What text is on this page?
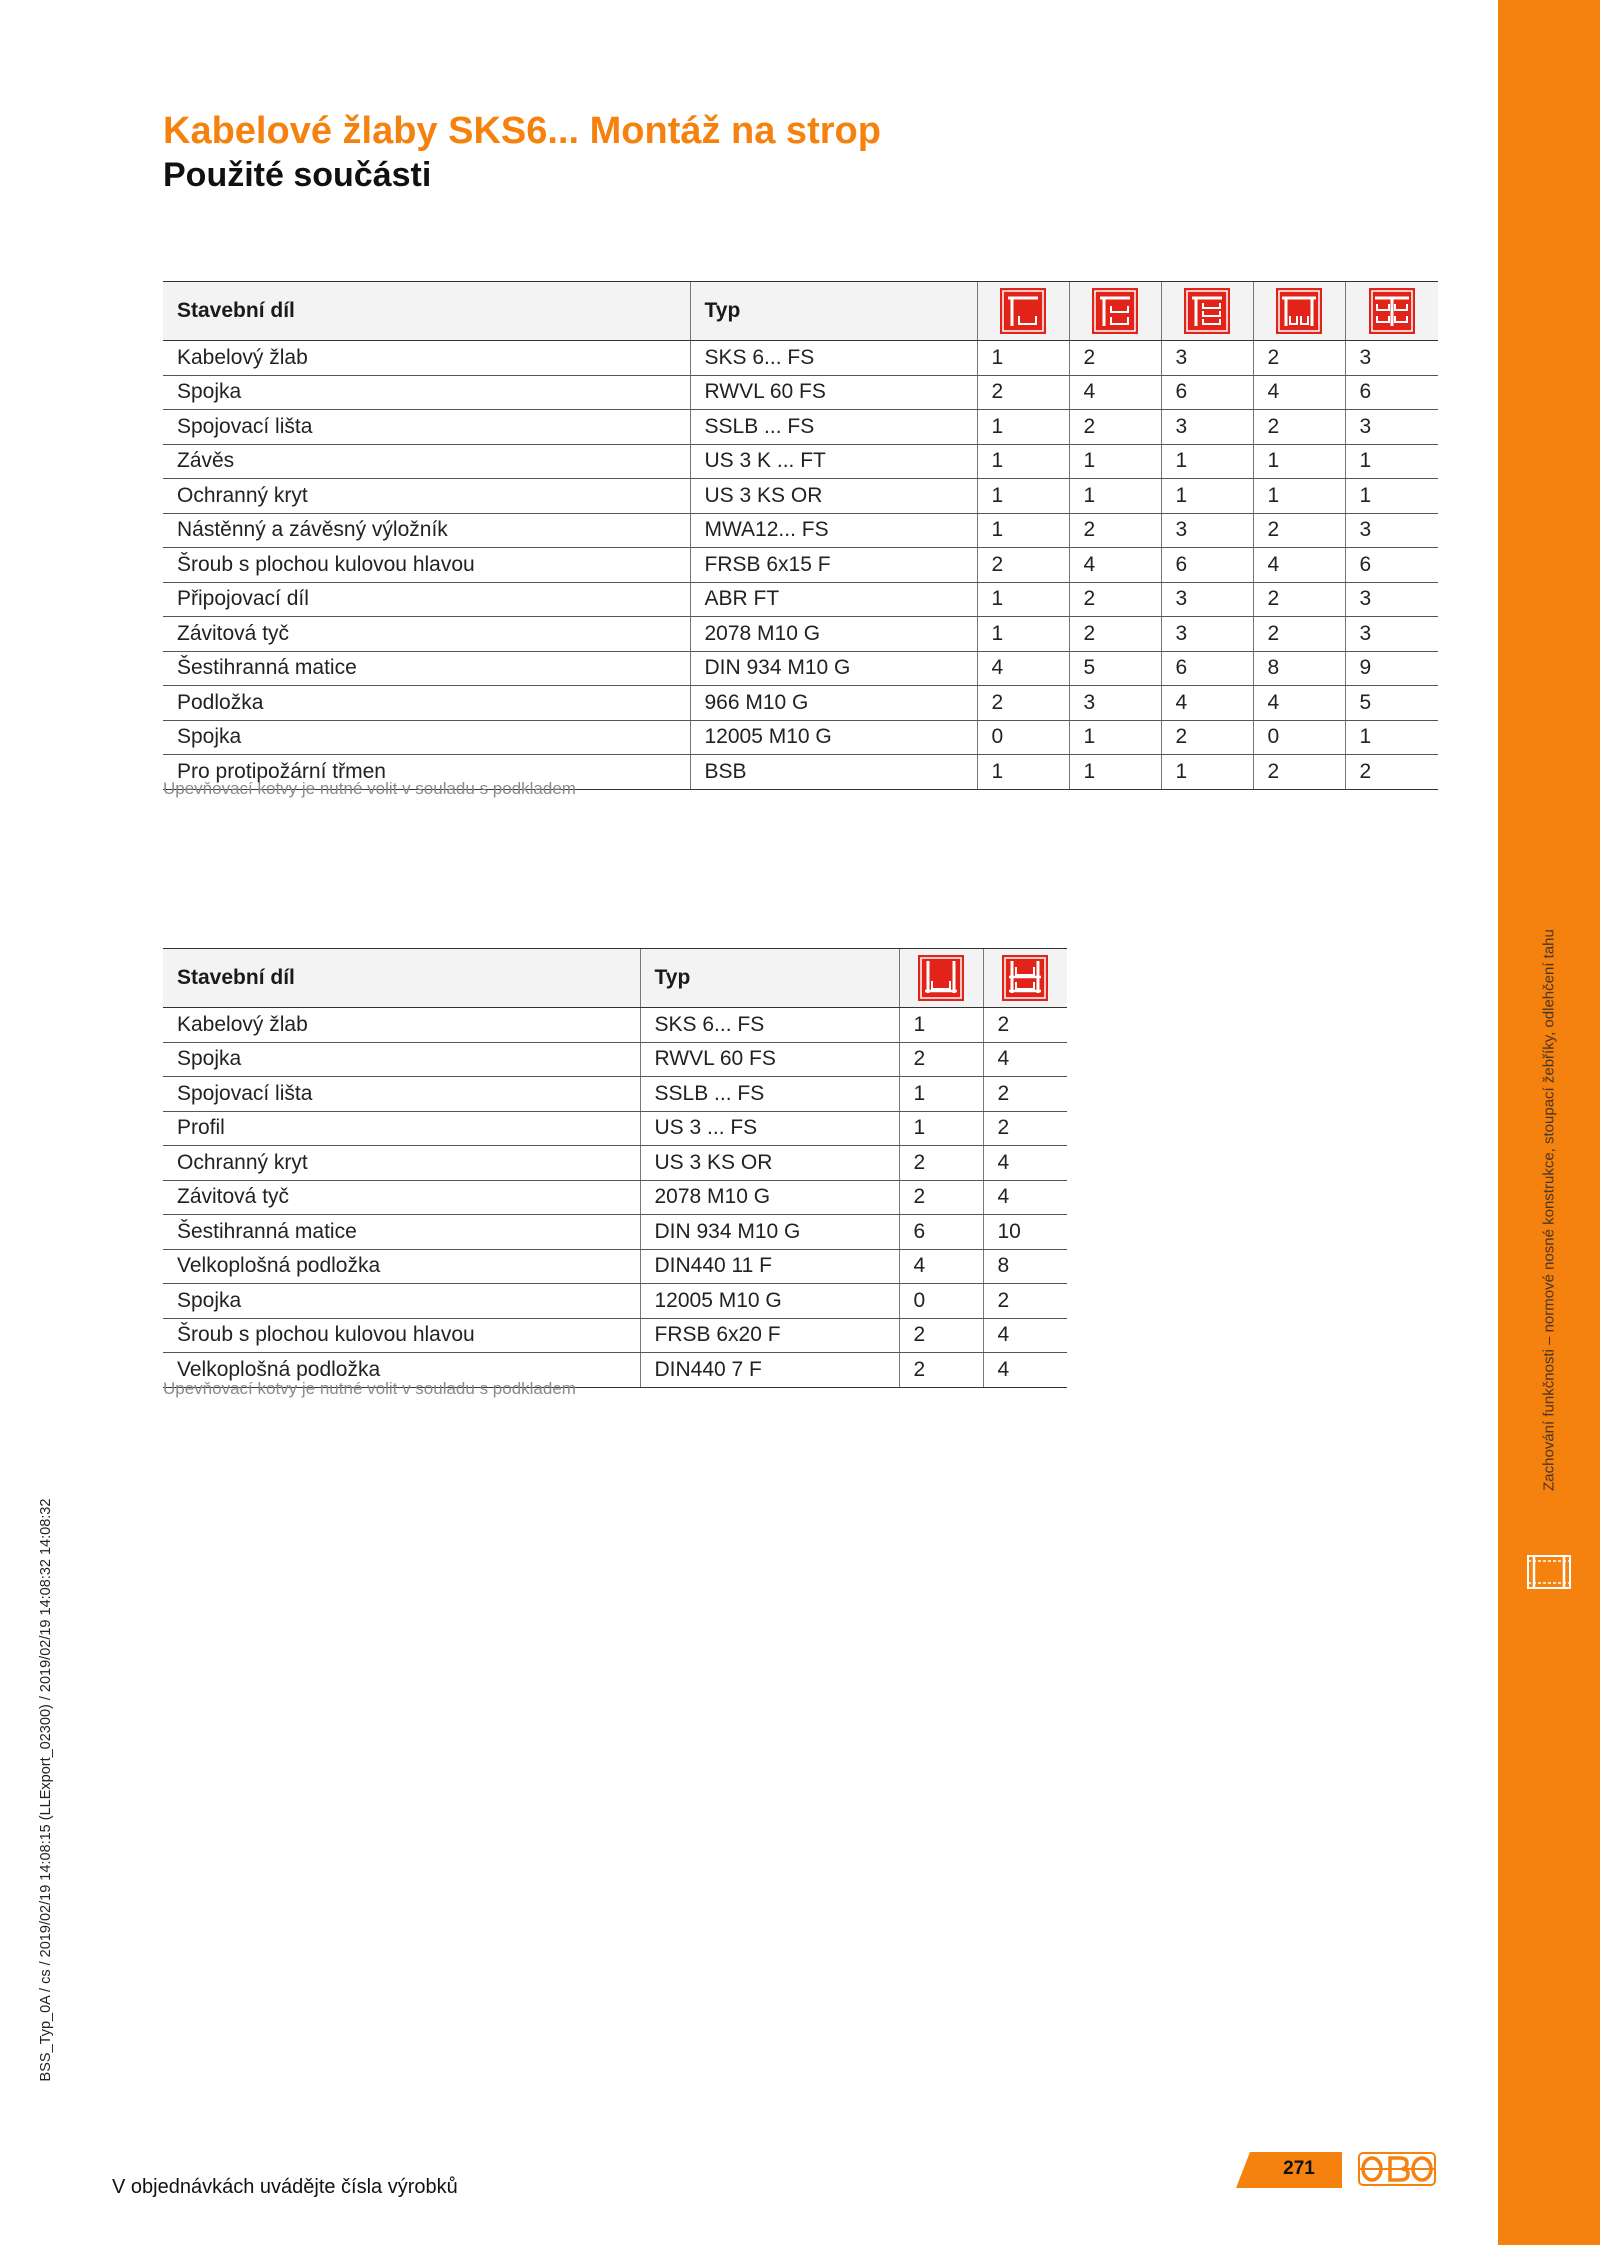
Zachování funkčnosti – normové nosné konstrukce, stoupací žebříky, odlehčení tahu
BSS_Typ_0A / cs / 2019/02/19 14:08:15 (LLExport_02300) / 2019/02/19 14:08:32 14:08:32
Kabelové žlaby SKS6... Montáž na strop
Použité součásti
Stavební díl	Typ					
Kabelový žlab	SKS 6... FS	1	2	3	2	3
Spojka	RWVL 60 FS	2	4	6	4	6
Spojovací lišta	SSLB ... FS	1	2	3	2	3
Závěs	US 3 K ... FT	1	1	1	1	1
Ochranný kryt	US 3 KS OR	1	1	1	1	1
Nástěnný a závěsný výložník	MWA12... FS	1	2	3	2	3
Šroub s plochou kulovou hlavou	FRSB 6x15 F	2	4	6	4	6
Připojovací díl	ABR FT	1	2	3	2	3
Závitová tyč	2078 M10 G	1	2	3	2	3
Šestihranná matice	DIN 934 M10 G	4	5	6	8	9
Podložka	966 M10 G	2	3	4	4	5
Spojka	12005 M10 G	0	1	2	0	1
Pro protipožární třmen	BSB	1	1	1	2	2
Upevňovací kotvy je nutné volit v souladu s podkladem
Stavební díl	Typ		
Kabelový žlab	SKS 6... FS	1	2
Spojka	RWVL 60 FS	2	4
Spojovací lišta	SSLB ... FS	1	2
Profil	US 3 ... FS	1	2
Ochranný kryt	US 3 KS OR	2	4
Závitová tyč	2078 M10 G	2	4
Šestihranná matice	DIN 934 M10 G	6	10
Velkoplošná podložka	DIN440 11 F	4	8
Spojka	12005 M10 G	0	2
Šroub s plochou kulovou hlavou	FRSB 6x20 F	2	4
Velkoplošná podložka	DIN440 7 F	2	4
Upevňovací kotvy je nutné volit v souladu s podkladem
V objednávkách uvádějte čísla výrobků
271
OBO
